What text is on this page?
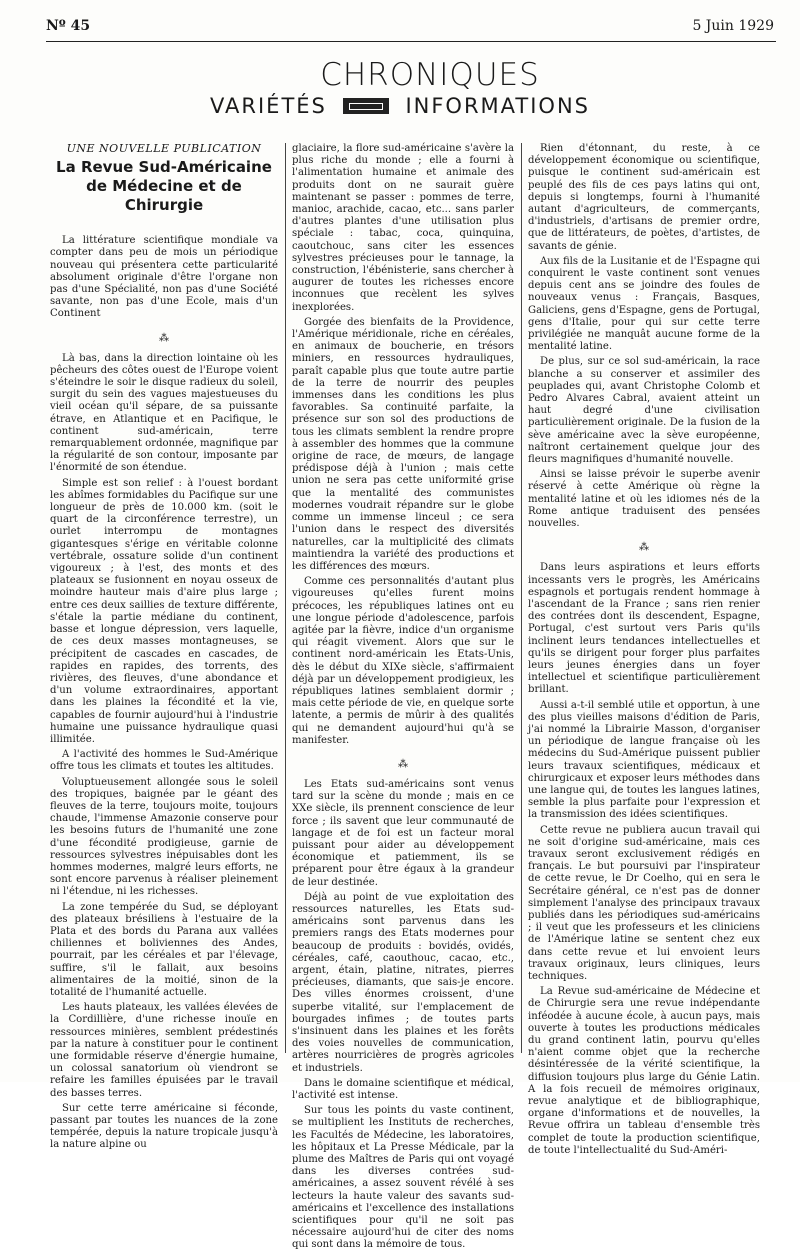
Nº 45	5 Juin 1929
CHRONIQUES
VARIÉTÉS	INFORMATIONS

UNE NOUVELLE PUBLICATION

La Revue Sud-Américaine
de Médecine et de Chirurgie

La littérature scientifique mondiale va compter dans peu de mois un périodique nouveau qui présentera cette particularité absolument originale d'être l'organe non pas d'une Spécialité, non pas d'une Société savante, non pas d'une Ecole, mais d'un Continent

⁂

Là bas, dans la direction lointaine où les pêcheurs des côtes ouest de l'Europe voient s'éteindre le soir le disque radieux du soleil, surgit du sein des vagues majestueuses du vieil océan qu'il sépare, de sa puissante étrave, en Atlantique et en Pacifique, le continent sud-américain, terre remarquablement ordonnée, magnifique par la régularité de son contour, imposante par l'énormité de son étendue.

Simple est son relief : à l'ouest bordant les abîmes formidables du Pacifique sur une longueur de près de 10.000 km. (soit le quart de la circonférence terrestre), un ourlet interrompu de montagnes gigantesques s'érige en véritable colonne vertébrale, ossature solide d'un continent vigoureux ; à l'est, des monts et des plateaux se fusionnent en noyau osseux de moindre hauteur mais d'aire plus large ; entre ces deux saillies de texture différente, s'étale la partie médiane du continent, basse et longue dépression, vers laquelle, de ces deux masses montagneuses, se précipitent de cascades en cascades, de rapides en rapides, des torrents, des rivières, des fleuves, d'une abondance et d'un volume extraordinaires, apportant dans les plaines la fécondité et la vie, capables de fournir aujourd'hui à l'industrie humaine une puissance hydraulique quasi illimitée.

A l'activité des hommes le Sud-Amérique offre tous les climats et toutes les altitudes.

Voluptueusement allongée sous le soleil des tropiques, baignée par le géant des fleuves de la terre, toujours moite, toujours chaude, l'immense Amazonie conserve pour les besoins futurs de l'humanité une zone d'une fécondité prodigieuse, garnie de ressources sylvestres inépuisables dont les hommes modernes, malgré leurs efforts, ne sont encore parvenus à réaliser pleinement ni l'étendue, ni les richesses.

La zone tempérée du Sud, se déployant des plateaux brésiliens à l'estuaire de la Plata et des bords du Parana aux vallées chiliennes et boliviennes des Andes, pourrait, par les céréales et par l'élevage, suffire, s'il le fallait, aux besoins alimentaires de la moitié, sinon de la totalité de l'humanité actuelle.

Les hauts plateaux, les vallées élevées de la Cordillière, d'une richesse inouïe en ressources minières, semblent prédestinés par la nature à constituer pour le continent une formidable réserve d'énergie humaine, un colossal sanatorium où viendront se refaire les familles épuisées par le travail des basses terres.

Sur cette terre américaine si féconde, passant par toutes les nuances de la zone tempérée, depuis la nature tropicale jusqu'à la nature alpine ou

glaciaire, la flore sud-américaine s'avère la plus riche du monde ; elle a fourni à l'alimentation humaine et animale des produits dont on ne saurait guère maintenant se passer : pommes de terre, manioc, arachide, cacao, etc... sans parler d'autres plantes d'une utilisation plus spéciale : tabac, coca, quinquina, caoutchouc, sans citer les essences sylvestres précieuses pour le tannage, la construction, l'ébénisterie, sans chercher à augurer de toutes les richesses encore inconnues que recèlent les sylves inexplorées.

Gorgée des bienfaits de la Providence, l'Amérique méridionale, riche en céréales, en animaux de boucherie, en trésors miniers, en ressources hydrauliques, paraît capable plus que toute autre partie de la terre de nourrir des peuples immenses dans les conditions les plus favorables. Sa continuité parfaite, la présence sur son sol des productions de tous les climats semblent la rendre propre à assembler des hommes que la commune origine de race, de mœurs, de langage prédispose déjà à l'union ; mais cette union ne sera pas cette uniformité grise que la mentalité des communistes modernes voudrait répandre sur le globe comme un immense linceul ; ce sera l'union dans le respect des diversités naturelles, car la multiplicité des climats maintiendra la variété des productions et les différences des mœurs.

Comme ces personnalités d'autant plus vigoureuses qu'elles furent moins précoces, les républiques latines ont eu une longue période d'adolescence, parfois agitée par la fièvre, indice d'un organisme qui réagit vivement. Alors que sur le continent nord-américain les Etats-Unis, dès le début du XIXe siècle, s'affirmaient déjà par un développement prodigieux, les républiques latines semblaient dormir ; mais cette période de vie, en quelque sorte latente, a permis de mûrir à des qualités qui ne demandent aujourd'hui qu'à se manifester.

⁂

Les Etats sud-américains sont venus tard sur la scène du monde ; mais en ce XXe siècle, ils prennent conscience de leur force ; ils savent que leur communauté de langage et de foi est un facteur moral puissant pour aider au développement économique et patiemment, ils se préparent pour être égaux à la grandeur de leur destinée.

Déjà au point de vue exploitation des ressources naturelles, les Etats sud-américains sont parvenus dans les premiers rangs des Etats modernes pour beaucoup de produits : bovidés, ovidés, céréales, café, caouthouc, cacao, etc., argent, étain, platine, nitrates, pierres précieuses, diamants, que sais-je encore. Des villes énormes croissent, d'une superbe vitalité, sur l'emplacement de bourgades infimes ; de toutes parts s'insinuent dans les plaines et les forêts des voies nouvelles de communication, artères nourricières de progrès agricoles et industriels.

Dans le domaine scientifique et médical, l'activité est intense.

Sur tous les points du vaste continent, se multiplient les Instituts de recherches, les Facultés de Médecine, les laboratoires, les hôpitaux et La Presse Médicale, par la plume des Maîtres de Paris qui ont voyagé dans les diverses contrées sud-américaines, a assez souvent révélé à ses lecteurs la haute valeur des savants sud-américains et l'excellence des installations scientifiques pour qu'il ne soit pas nécessaire aujourd'hui de citer des noms qui sont dans la mémoire de tous.

Rien d'étonnant, du reste, à ce développement économique ou scientifique, puisque le continent sud-américain est peuplé des fils de ces pays latins qui ont, depuis si longtemps, fourni à l'humanité autant d'agriculteurs, de commerçants, d'industriels, d'artisans de premier ordre, que de littérateurs, de poètes, d'artistes, de savants de génie.

Aux fils de la Lusitanie et de l'Espagne qui conquirent le vaste continent sont venues depuis cent ans se joindre des foules de nouveaux venus : Français, Basques, Galiciens, gens d'Espagne, gens de Portugal, gens d'Italie, pour qui sur cette terre privilégiée ne manquât aucune forme de la mentalité latine.

De plus, sur ce sol sud-américain, la race blanche a su conserver et assimiler des peuplades qui, avant Christophe Colomb et Pedro Alvares Cabral, avaient atteint un haut degré d'une civilisation particulièrement originale. De la fusion de la sève américaine avec la sève européenne, naîtront certainement quelque jour des fleurs magnifiques d'humanité nouvelle.

Ainsi se laisse prévoir le superbe avenir réservé à cette Amérique où règne la mentalité latine et où les idiomes nés de la Rome antique traduisent des pensées nouvelles.

⁂

Dans leurs aspirations et leurs efforts incessants vers le progrès, les Américains espagnols et portugais rendent hommage à l'ascendant de la France ; sans rien renier des contrées dont ils descendent, Espagne, Portugal, c'est surtout vers Paris qu'ils inclinent leurs tendances intellectuelles et qu'ils se dirigent pour forger plus parfaites leurs jeunes énergies dans un foyer intellectuel et scientifique particulièrement brillant.

Aussi a-t-il semblé utile et opportun, à une des plus vieilles maisons d'édition de Paris, j'ai nommé la Librairie Masson, d'organiser un périodique de langue française où les médecins du Sud-Amérique puissent publier leurs travaux scientifiques, médicaux et chirurgicaux et exposer leurs méthodes dans une langue qui, de toutes les langues latines, semble la plus parfaite pour l'expression et la transmission des idées scientifiques.

Cette revue ne publiera aucun travail qui ne soit d'origine sud-américaine, mais ces travaux seront exclusivement rédigés en français. Le but poursuivi par l'inspirateur de cette revue, le Dr Coelho, qui en sera le Secrétaire général, ce n'est pas de donner simplement l'analyse des principaux travaux publiés dans les périodiques sud-américains ; il veut que les professeurs et les cliniciens de l'Amérique latine se sentent chez eux dans cette revue et lui envoient leurs travaux originaux, leurs cliniques, leurs techniques.

La Revue sud-américaine de Médecine et de Chirurgie sera une revue indépendante inféodée à aucune école, à aucun pays, mais ouverte à toutes les productions médicales du grand continent latin, pourvu qu'elles n'aient comme objet que la recherche désintéressée de la vérité scientifique, la diffusion toujours plus large du Génie Latin. A la fois recueil de mémoires originaux, revue analytique et de bibliographique, organe d'informations et de nouvelles, la Revue offrira un tableau d'ensemble très complet de toute la production scientifique, de toute l'intellectualité du Sud-Améri-
